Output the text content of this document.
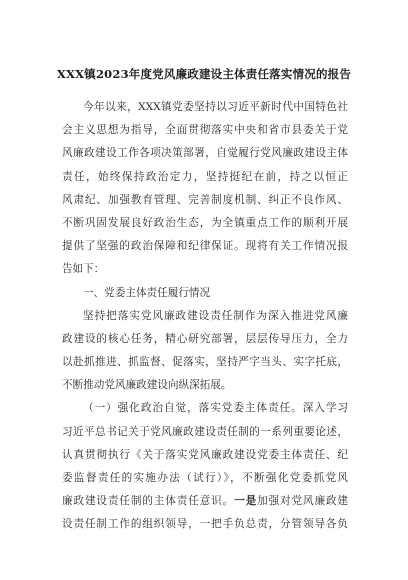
XXX镇2023年度党风廉政建设主体责任落实情况的报告
今年以来，XXX镇党委坚持以习近平新时代中国特色社
会主义思想为指导，全面贯彻落实中央和省市县委关于党
风廉政建设工作各项决策部署，自觉履行党风廉政建设主体
责任，始终保持政治定力，坚持挺纪在前，持之以恒正
风肃纪、加强教育管理、完善制度机制、纠正不良作风、
不断巩固发展良好政治生态，为全镇重点工作的顺利开展
提供了坚强的政治保障和纪律保证。现将有关工作情况报
告如下：
一、党委主体责任履行情况
坚持把落实党风廉政建设责任制作为深入推进党风廉
政建设的核心任务，精心研究部署，层层传导压力，全力
以赴抓推进、抓监督、促落实，坚持严字当头、实字托底，
不断推动党风廉政建设向纵深拓展。
（一）强化政治自觉，落实党委主体责任。深入学习
习近平总书记关于党风廉政建设责任制的一系列重要论述，
认真贯彻执行《关于落实党风廉政建设党委主体责任、纪
委监督责任的实施办法（试行）》，不断强化党委抓党风
廉政建设责任制的主体责任意识。一是加强对党风廉政建
设责任制工作的组织领导，一把手负总责，分管领导各负
